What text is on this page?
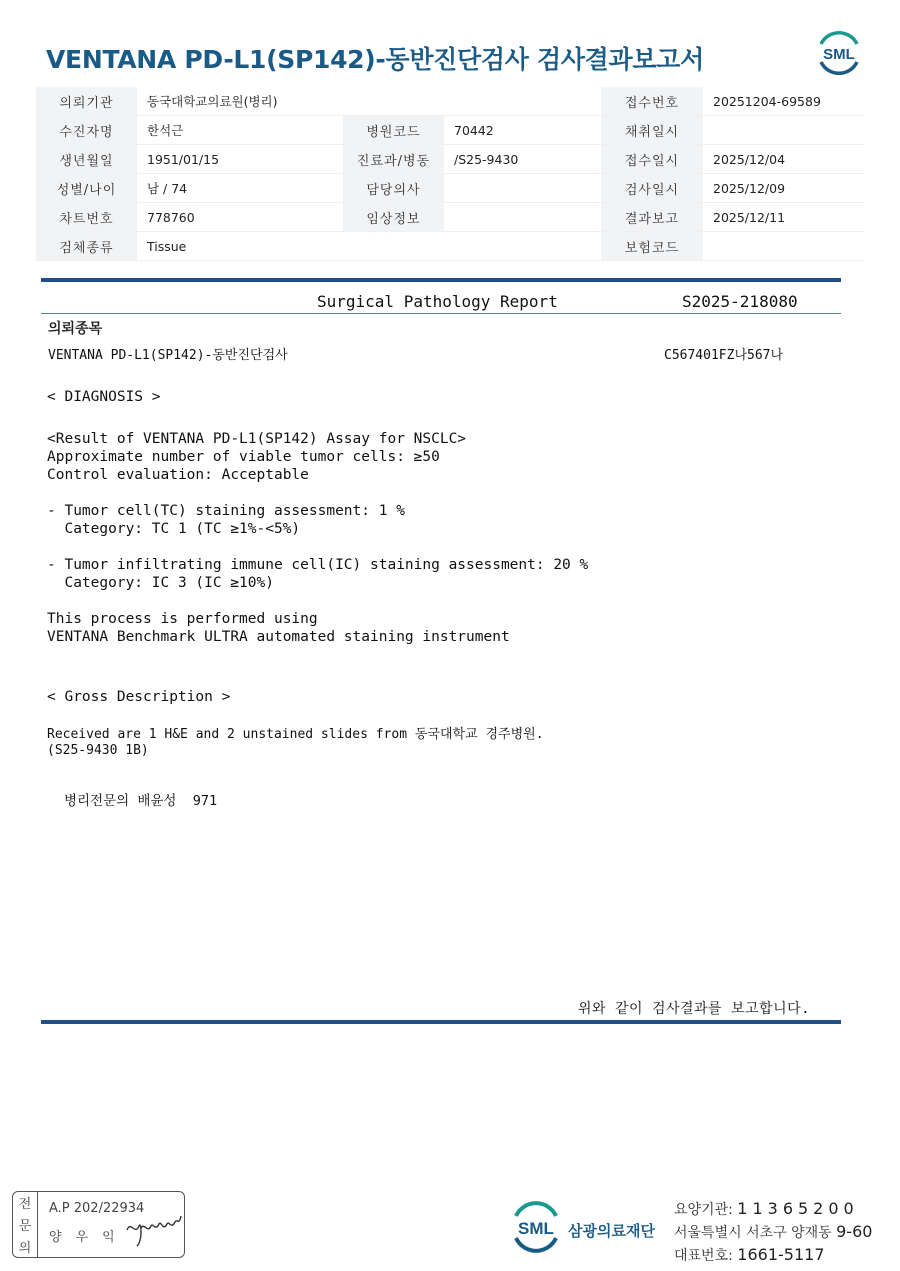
VENTANA PD-L1(SP142)-동반진단검사 검사결과보고서	SML
의뢰기관	동국대학교의료원(병리)			접수번호	20251204-69589
수진자명	한석근	병원코드	70442	채취일시	
생년월일	1951/01/15	진료과/병동	/S25-9430	접수일시	2025/12/04
성별/나이	남 / 74	담당의사		검사일시	2025/12/09
차트번호	778760	임상정보		결과보고	2025/12/11
검체종류	Tissue			보험코드	
Surgical Pathology Report	S2025-218080
의뢰종목
VENTANA PD-L1(SP142)-동반진단검사	C567401FZ나567나
< DIAGNOSIS >
<Result of VENTANA PD-L1(SP142) Assay for NSCLC>
Approximate number of viable tumor cells: ≥50
Control evaluation: Acceptable
- Tumor cell(TC) staining assessment: 1 %
Category: TC 1 (TC ≥1%-<5%)
- Tumor infiltrating immune cell(IC) staining assessment: 20 %
Category: IC 3 (IC ≥10%)
This process is performed using
VENTANA Benchmark ULTRA automated staining instrument
< Gross Description >
Received are 1 H&E and 2 unstained slides from 동국대학교 경주병원.
(S25-9430 1B)
병리전문의 배윤성  971
위와 같이 검사결과를 보고합니다.
전
문
의
A.P 202/22934
양우익	SML 삼광의료재단
요양기관: 11365200
서울특별시 서초구 양재동 9-60
대표번호: 1661-5117
